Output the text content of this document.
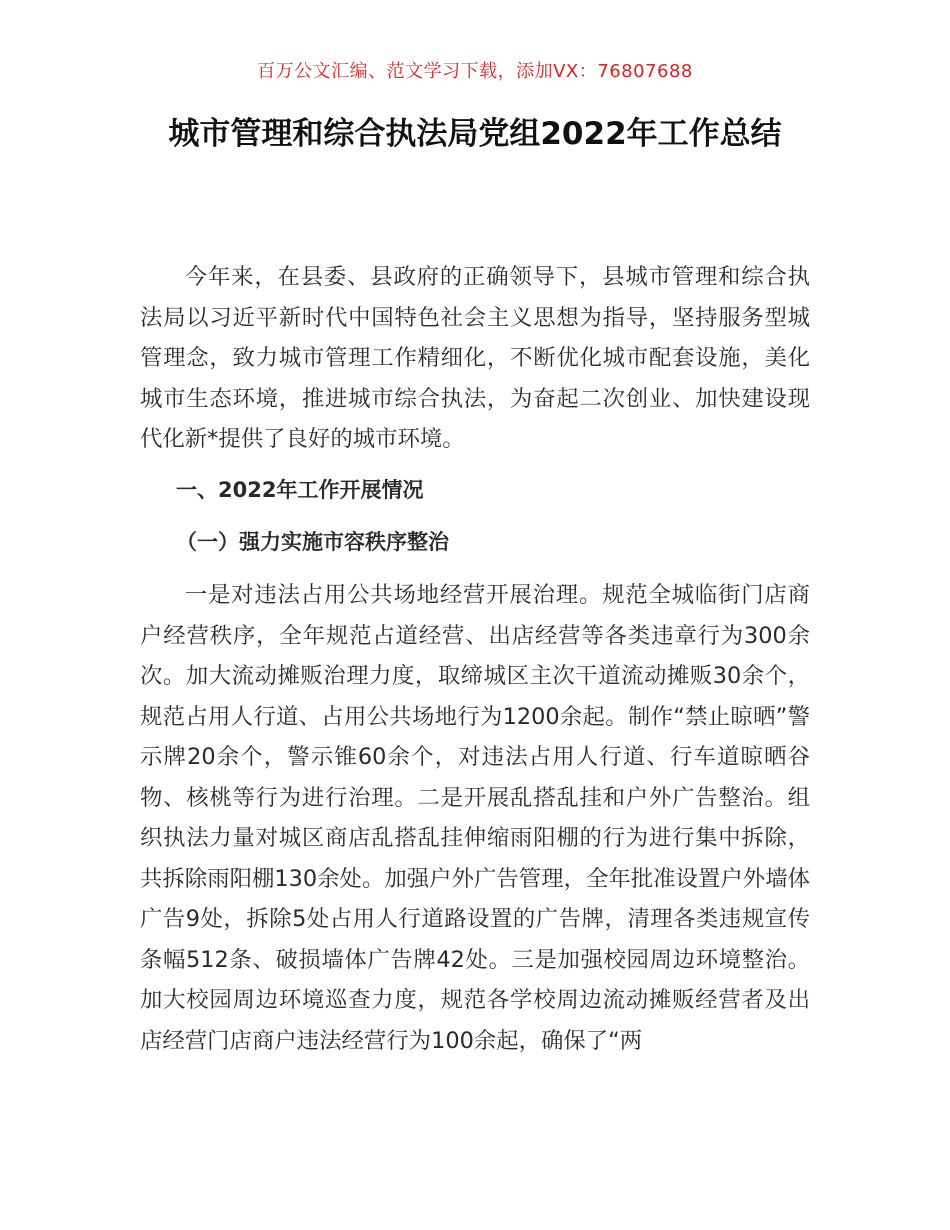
百万公文汇编、范文学习下载，添加VX：76807688
城市管理和综合执法局党组2022年工作总结

今年来，在县委、县政府的正确领导下，县城市管理和综合执法局以习近平新时代中国特色社会主义思想为指导，坚持服务型城管理念，致力城市管理工作精细化，不断优化城市配套设施，美化城市生态环境，推进城市综合执法，为奋起二次创业、加快建设现代化新*提供了良好的城市环境。

一、2022年工作开展情况

（一）强力实施市容秩序整治

一是对违法占用公共场地经营开展治理。规范全城临街门店商户经营秩序，全年规范占道经营、出店经营等各类违章行为300余次。加大流动摊贩治理力度，取缔城区主次干道流动摊贩30余个，规范占用人行道、占用公共场地行为1200余起。制作“禁止晾晒”警示牌20余个，警示锥60余个，对违法占用人行道、行车道晾晒谷物、核桃等行为进行治理。二是开展乱搭乱挂和户外广告整治。组织执法力量对城区商店乱搭乱挂伸缩雨阳棚的行为进行集中拆除，共拆除雨阳棚130余处。加强户外广告管理，全年批准设置户外墙体广告9处，拆除5处占用人行道路设置的广告牌，清理各类违规宣传条幅512条、破损墙体广告牌42处。三是加强校园周边环境整治。加大校园周边环境巡查力度，规范各学校周边流动摊贩经营者及出店经营门店商户违法经营行为100余起，确保了“两
